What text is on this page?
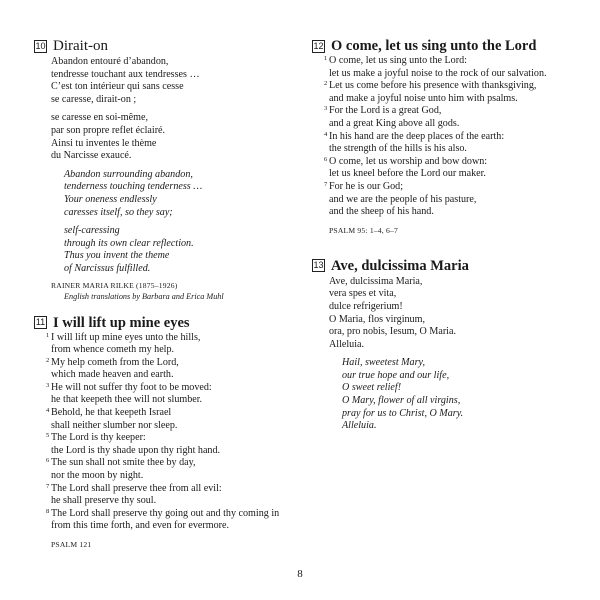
10 Dirait-on
Abandon entouré d’abandon,
tendresse touchant aux tendresses …
C’est ton intérieur qui sans cesse
se caresse, dirait-on ;
se caresse en soi-même,
par son propre reflet éclairé.
Ainsi tu inventes le thème
du Narcisse exaucé.
Abandon surrounding abandon,
tenderness touching tenderness …
Your oneness endlessly
caresses itself, so they say;
self-caressing
through its own clear reflection.
Thus you invent the theme
of Narcissus fulfilled.
RAINER MARIA RILKE (1875–1926)
English translations by Barbara and Erica Muhl
11 I will lift up mine eyes
1 I will lift up mine eyes unto the hills,
from whence cometh my help.
2 My help cometh from the Lord,
which made heaven and earth.
3 He will not suffer thy foot to be moved:
he that keepeth thee will not slumber.
4 Behold, he that keepeth Israel
shall neither slumber nor sleep.
5 The Lord is thy keeper:
the Lord is thy shade upon thy right hand.
6 The sun shall not smite thee by day,
nor the moon by night.
7 The Lord shall preserve thee from all evil:
he shall preserve thy soul.
8 The Lord shall preserve thy going out and thy coming in
from this time forth, and even for evermore.
PSALM 121
12 O come, let us sing unto the Lord
1 O come, let us sing unto the Lord:
let us make a joyful noise to the rock of our salvation.
2 Let us come before his presence with thanksgiving,
and make a joyful noise unto him with psalms.
3 For the Lord is a great God,
and a great King above all gods.
4 In his hand are the deep places of the earth:
the strength of the hills is his also.
6 O come, let us worship and bow down:
let us kneel before the Lord our maker.
7 For he is our God;
and we are the people of his pasture,
and the sheep of his hand.
PSALM 95: 1–4, 6–7
13 Ave, dulcissima Maria
Ave, dulcissima Maria,
vera spes et vita,
dulce refrigerium!
O Maria, flos virginum,
ora, pro nobis, Iesum, O Maria.
Alleluia.
Hail, sweetest Mary,
our true hope and our life,
O sweet relief!
O Mary, flower of all virgins,
pray for us to Christ, O Mary.
Alleluia.
8
